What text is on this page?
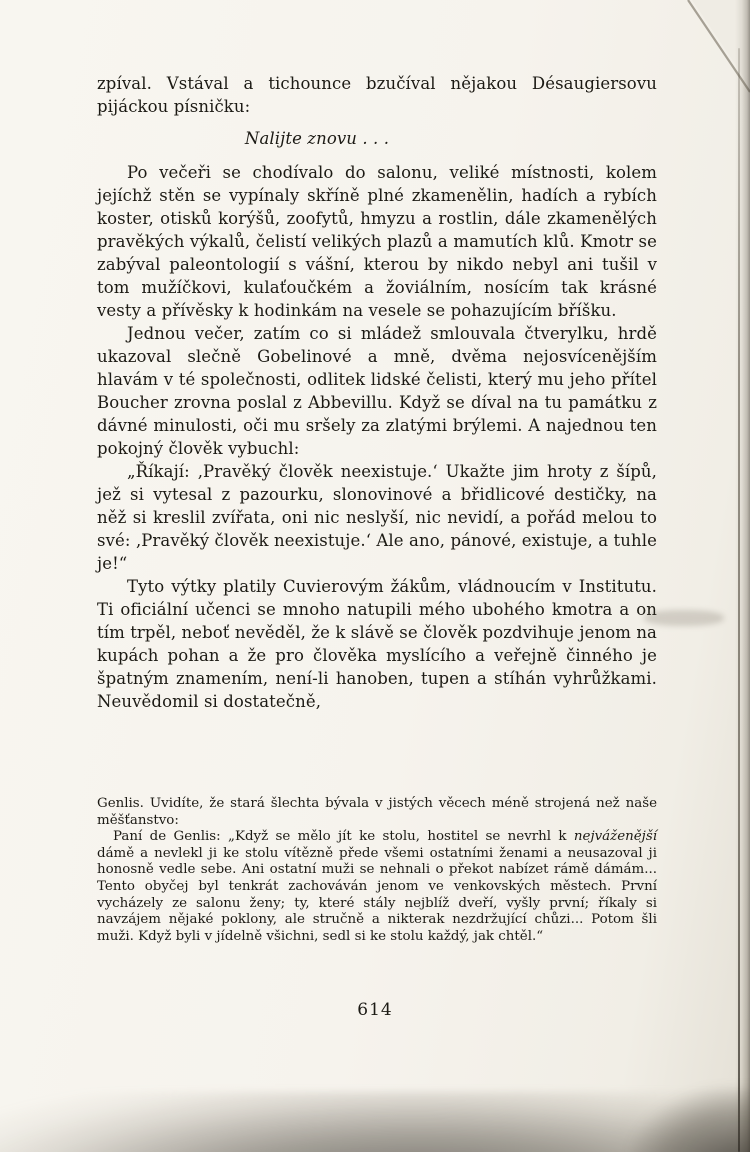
zpíval. Vstával a tichounce bzučíval nějakou Désaugiersovu pijáckou písničku:

Nalijte znovu . . .

Po večeři se chodívalo do salonu, veliké místnosti, kolem jejíchž stěn se vypínaly skříně plné zkamenělin, hadích a rybích koster, otisků korýšů, zoofytů, hmyzu a rostlin, dále zkamenělých pravěkých výkalů, čelistí velikých plazů a mamutích klů. Kmotr se zabýval paleontologií s vášní, kterou by nikdo nebyl ani tušil v tom mužíčkovi, kulaťoučkém a žoviálním, nosícím tak krásné vesty a přívěsky k hodinkám na vesele se pohazujícím bříšku.

Jednou večer, zatím co si mládež smlouvala čtverylku, hrdě ukazoval slečně Gobelinové a mně, dvěma nejosvícenějším hlavám v té společnosti, odlitek lidské čelisti, který mu jeho přítel Boucher zrovna poslal z Abbevillu. Když se díval na tu památku z dávné minulosti, oči mu sršely za zlatými brýlemi. A najednou ten pokojný člověk vybuchl:

„Říkají: ‚Pravěký člověk neexistuje.‘ Ukažte jim hroty z šípů, jež si vytesal z pazourku, slonovinové a břidlicové destičky, na něž si kreslil zvířata, oni nic neslyší, nic nevidí, a pořád melou to své: ‚Pravěký člověk neexistuje.‘ Ale ano, pánové, existuje, a tuhle je!“

Tyto výtky platily Cuvierovým žákům, vládnoucím v Institutu. Ti oficiální učenci se mnoho natupili mého ubohého kmotra a on tím trpěl, neboť nevěděl, že k slávě se člověk pozdvihuje jenom na kupách pohan a že pro člověka myslícího a veřejně činného je špatným znamením, není-li hanoben, tupen a stíhán vyhrůžkami. Neuvědomil si dostatečně,

Genlis. Uvidíte, že stará šlechta bývala v jistých věcech méně strojená než naše měšťanstvo:

Paní de Genlis: „Když se mělo jít ke stolu, hostitel se nevrhl k nejváženější dámě a nevlekl ji ke stolu vítězně přede všemi ostatními ženami a neusazoval ji honosně vedle sebe. Ani ostatní muži se nehnali o překot nabízet rámě dámám... Tento obyčej byl tenkrát zachováván jenom ve venkovských městech. První vycházely ze salonu ženy; ty, které stály nejblíž dveří, vyšly první; říkaly si navzájem nějaké poklony, ale stručně a nikterak nezdržující chůzi... Potom šli muži. Když byli v jídelně všichni, sedl si ke stolu každý, jak chtěl.“

614
